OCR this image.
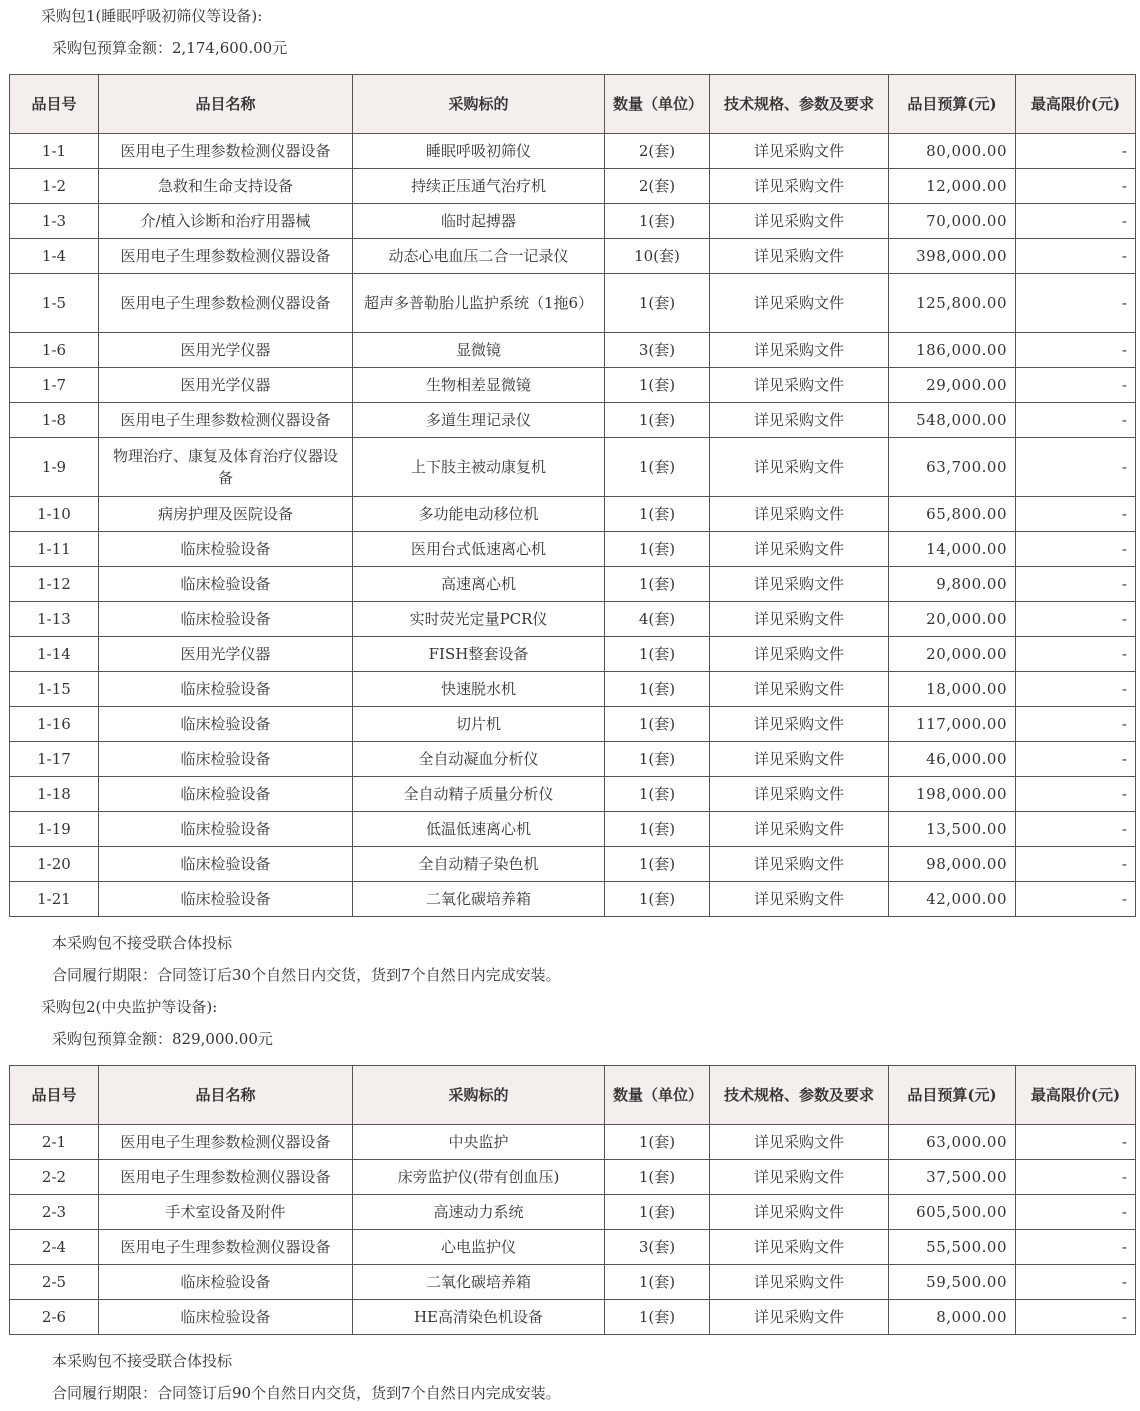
采购包1(睡眠呼吸初筛仪等设备):
采购包预算金额：2,174,600.00元
品目号	品目名称	采购标的	数量（单位）	技术规格、参数及要求	品目预算(元)	最高限价(元)
1-1	医用电子生理参数检测仪器设备	睡眠呼吸初筛仪	2(套)	详见采购文件	80,000.00	-
1-2	急救和生命支持设备	持续正压通气治疗机	2(套)	详见采购文件	12,000.00	-
1-3	介/植入诊断和治疗用器械	临时起搏器	1(套)	详见采购文件	70,000.00	-
1-4	医用电子生理参数检测仪器设备	动态心电血压二合一记录仪	10(套)	详见采购文件	398,000.00	-
1-5	医用电子生理参数检测仪器设备	超声多普勒胎儿监护系统（1拖6）	1(套)	详见采购文件	125,800.00	-
1-6	医用光学仪器	显微镜	3(套)	详见采购文件	186,000.00	-
1-7	医用光学仪器	生物相差显微镜	1(套)	详见采购文件	29,000.00	-
1-8	医用电子生理参数检测仪器设备	多道生理记录仪	1(套)	详见采购文件	548,000.00	-
1-9	物理治疗、康复及体育治疗仪器设备	上下肢主被动康复机	1(套)	详见采购文件	63,700.00	-
1-10	病房护理及医院设备	多功能电动移位机	1(套)	详见采购文件	65,800.00	-
1-11	临床检验设备	医用台式低速离心机	1(套)	详见采购文件	14,000.00	-
1-12	临床检验设备	高速离心机	1(套)	详见采购文件	9,800.00	-
1-13	临床检验设备	实时荧光定量PCR仪	4(套)	详见采购文件	20,000.00	-
1-14	医用光学仪器	FISH整套设备	1(套)	详见采购文件	20,000.00	-
1-15	临床检验设备	快速脱水机	1(套)	详见采购文件	18,000.00	-
1-16	临床检验设备	切片机	1(套)	详见采购文件	117,000.00	-
1-17	临床检验设备	全自动凝血分析仪	1(套)	详见采购文件	46,000.00	-
1-18	临床检验设备	全自动精子质量分析仪	1(套)	详见采购文件	198,000.00	-
1-19	临床检验设备	低温低速离心机	1(套)	详见采购文件	13,500.00	-
1-20	临床检验设备	全自动精子染色机	1(套)	详见采购文件	98,000.00	-
1-21	临床检验设备	二氧化碳培养箱	1(套)	详见采购文件	42,000.00	-
本采购包不接受联合体投标
合同履行期限：合同签订后30个自然日内交货，货到7个自然日内完成安装。
采购包2(中央监护等设备):
采购包预算金额：829,000.00元
品目号	品目名称	采购标的	数量（单位）	技术规格、参数及要求	品目预算(元)	最高限价(元)
2-1	医用电子生理参数检测仪器设备	中央监护	1(套)	详见采购文件	63,000.00	-
2-2	医用电子生理参数检测仪器设备	床旁监护仪(带有创血压)	1(套)	详见采购文件	37,500.00	-
2-3	手术室设备及附件	高速动力系统	1(套)	详见采购文件	605,500.00	-
2-4	医用电子生理参数检测仪器设备	心电监护仪	3(套)	详见采购文件	55,500.00	-
2-5	临床检验设备	二氧化碳培养箱	1(套)	详见采购文件	59,500.00	-
2-6	临床检验设备	HE高清染色机设备	1(套)	详见采购文件	8,000.00	-
本采购包不接受联合体投标
合同履行期限：合同签订后90个自然日内交货，货到7个自然日内完成安装。
